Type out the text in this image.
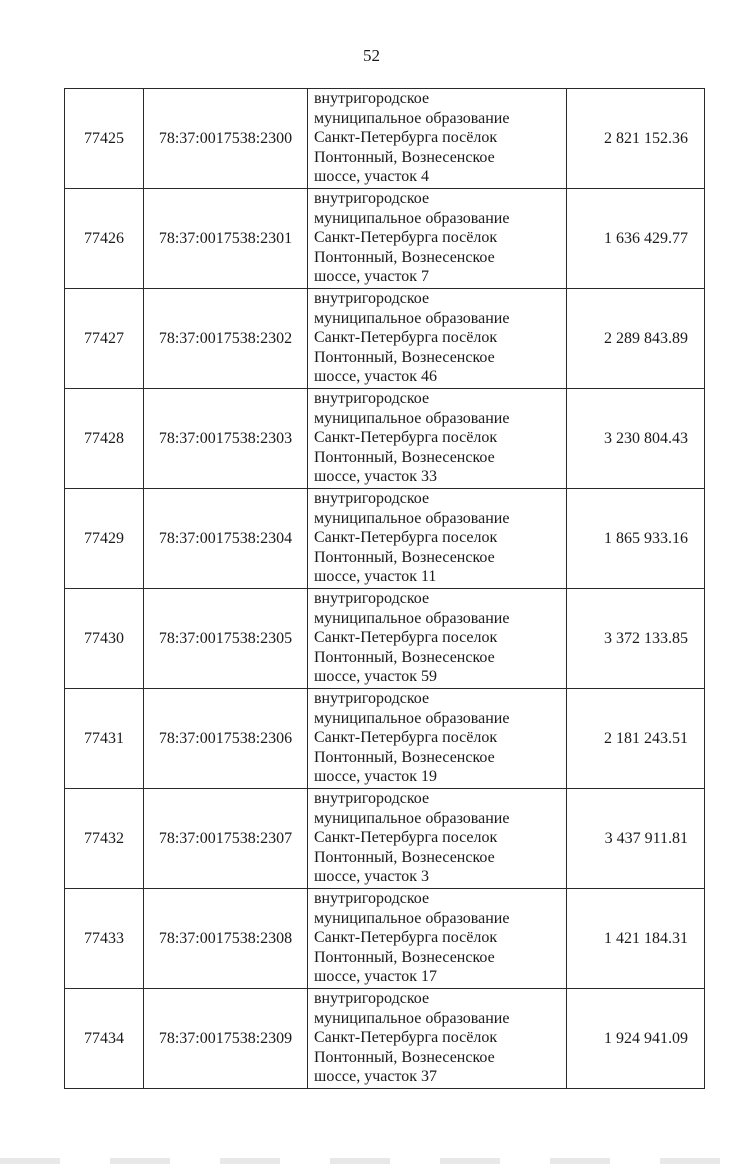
52
77425	78:37:0017538:2300	внутригородское
муниципальное образование
Санкт-Петербурга посёлок
Понтонный, Вознесенское
шоссе, участок 4	2 821 152.36
77426	78:37:0017538:2301	внутригородское
муниципальное образование
Санкт-Петербурга посёлок
Понтонный, Вознесенское
шоссе, участок 7	1 636 429.77
77427	78:37:0017538:2302	внутригородское
муниципальное образование
Санкт-Петербурга посёлок
Понтонный, Вознесенское
шоссе, участок 46	2 289 843.89
77428	78:37:0017538:2303	внутригородское
муниципальное образование
Санкт-Петербурга посёлок
Понтонный, Вознесенское
шоссе, участок 33	3 230 804.43
77429	78:37:0017538:2304	внутригородское
муниципальное образование
Санкт-Петербурга поселок
Понтонный, Вознесенское
шоссе, участок 11	1 865 933.16
77430	78:37:0017538:2305	внутригородское
муниципальное образование
Санкт-Петербурга поселок
Понтонный, Вознесенское
шоссе, участок 59	3 372 133.85
77431	78:37:0017538:2306	внутригородское
муниципальное образование
Санкт-Петербурга посёлок
Понтонный, Вознесенское
шоссе, участок 19	2 181 243.51
77432	78:37:0017538:2307	внутригородское
муниципальное образование
Санкт-Петербурга поселок
Понтонный, Вознесенское
шоссе, участок 3	3 437 911.81
77433	78:37:0017538:2308	внутригородское
муниципальное образование
Санкт-Петербурга посёлок
Понтонный, Вознесенское
шоссе, участок 17	1 421 184.31
77434	78:37:0017538:2309	внутригородское
муниципальное образование
Санкт-Петербурга посёлок
Понтонный, Вознесенское
шоссе, участок 37	1 924 941.09
